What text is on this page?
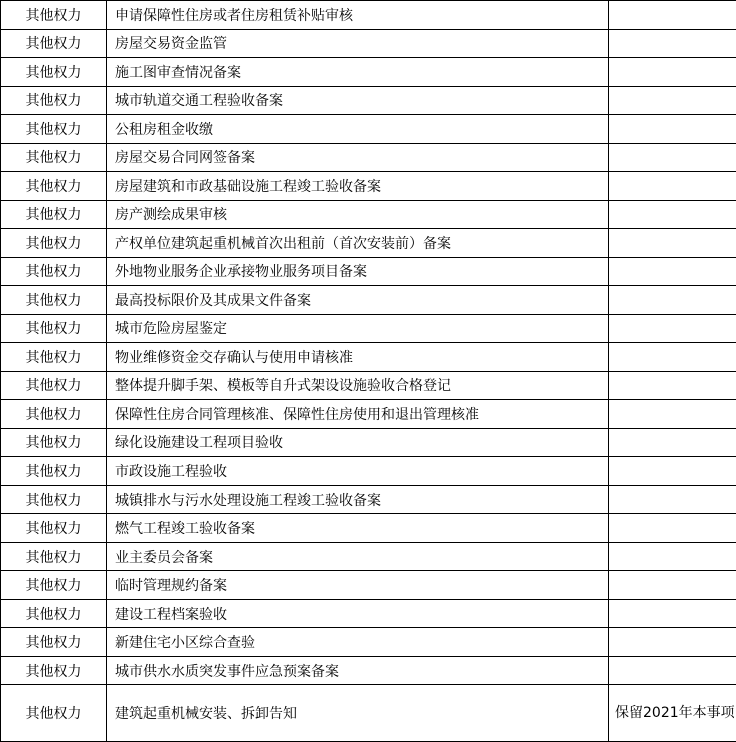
其他权力	申请保障性住房或者住房租赁补贴审核	
其他权力	房屋交易资金监管	
其他权力	施工图审查情况备案	
其他权力	城市轨道交通工程验收备案	
其他权力	公租房租金收缴	
其他权力	房屋交易合同网签备案	
其他权力	房屋建筑和市政基础设施工程竣工验收备案	
其他权力	房产测绘成果审核	
其他权力	产权单位建筑起重机械首次出租前（首次安装前）备案	
其他权力	外地物业服务企业承接物业服务项目备案	
其他权力	最高投标限价及其成果文件备案	
其他权力	城市危险房屋鉴定	
其他权力	物业维修资金交存确认与使用申请核准	
其他权力	整体提升脚手架、模板等自升式架设设施验收合格登记	
其他权力	保障性住房合同管理核准、保障性住房使用和退出管理核准	
其他权力	绿化设施建设工程项目验收	
其他权力	市政设施工程验收	
其他权力	城镇排水与污水处理设施工程竣工验收备案	
其他权力	燃气工程竣工验收备案	
其他权力	业主委员会备案	
其他权力	临时管理规约备案	
其他权力	建设工程档案验收	
其他权力	新建住宅小区综合查验	
其他权力	城市供水水质突发事件应急预案备案	
其他权力	建筑起重机械安装、拆卸告知	保留2021年本事项
